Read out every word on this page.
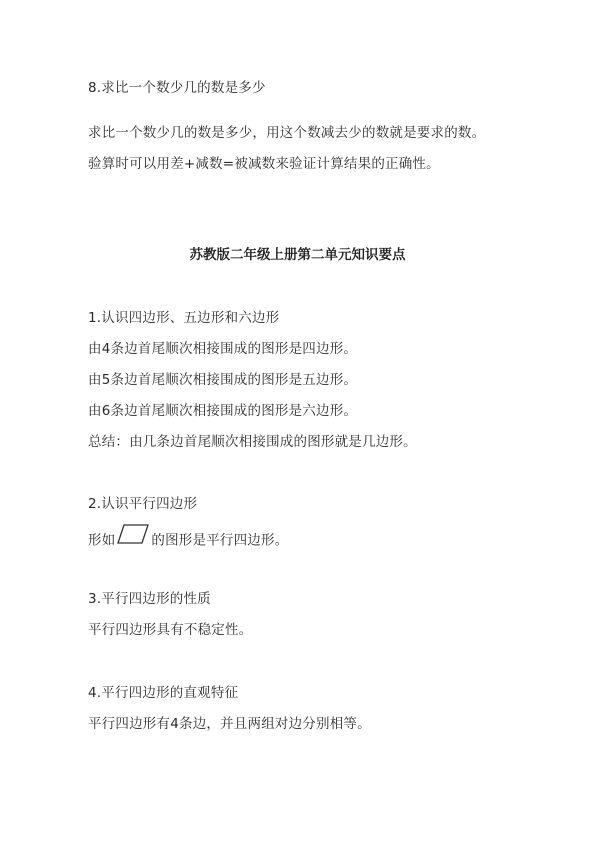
8.求比一个数少几的数是多少
求比一个数少几的数是多少，用这个数减去少的数就是要求的数。
验算时可以用差+减数=被减数来验证计算结果的正确性。
苏教版二年级上册第二单元知识要点
1.认识四边形、五边形和六边形
由4条边首尾顺次相接围成的图形是四边形。
由5条边首尾顺次相接围成的图形是五边形。
由6条边首尾顺次相接围成的图形是六边形。
总结：由几条边首尾顺次相接围成的图形就是几边形。
2.认识平行四边形
形如	的图形是平行四边形。
3.平行四边形的性质
平行四边形具有不稳定性。
4.平行四边形的直观特征
平行四边形有4条边，并且两组对边分别相等。
